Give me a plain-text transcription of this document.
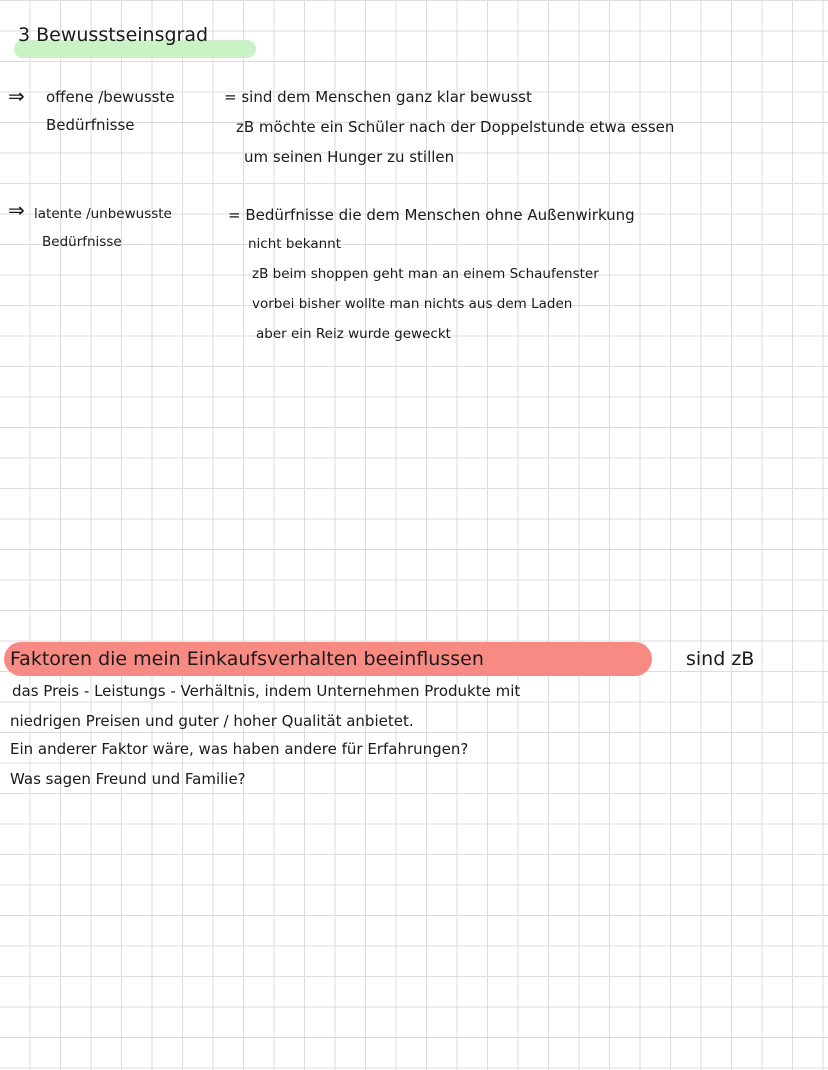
3 Bewusstseinsgrad
⇒ offene /bewusste
Bedürfnisse
= sind dem Menschen ganz klar bewusst
zB möchte ein Schüler nach der Doppelstunde etwa essen
um seinen Hunger zu stillen
⇒ latente /unbewusste
Bedürfnisse
= Bedürfnisse die dem Menschen ohne Außenwirkung
nicht bekannt
zB beim shoppen geht man an einem Schaufenster
vorbei bisher wollte man nichts aus dem Laden
aber ein Reiz wurde geweckt
Faktoren die mein Einkaufsverhalten beeinflussen	sind zB
das Preis - Leistungs - Verhältnis, indem Unternehmen Produkte mit
niedrigen Preisen und guter / hoher Qualität anbietet.
Ein anderer Faktor wäre, was haben andere für Erfahrungen?
Was sagen Freund und Familie?
